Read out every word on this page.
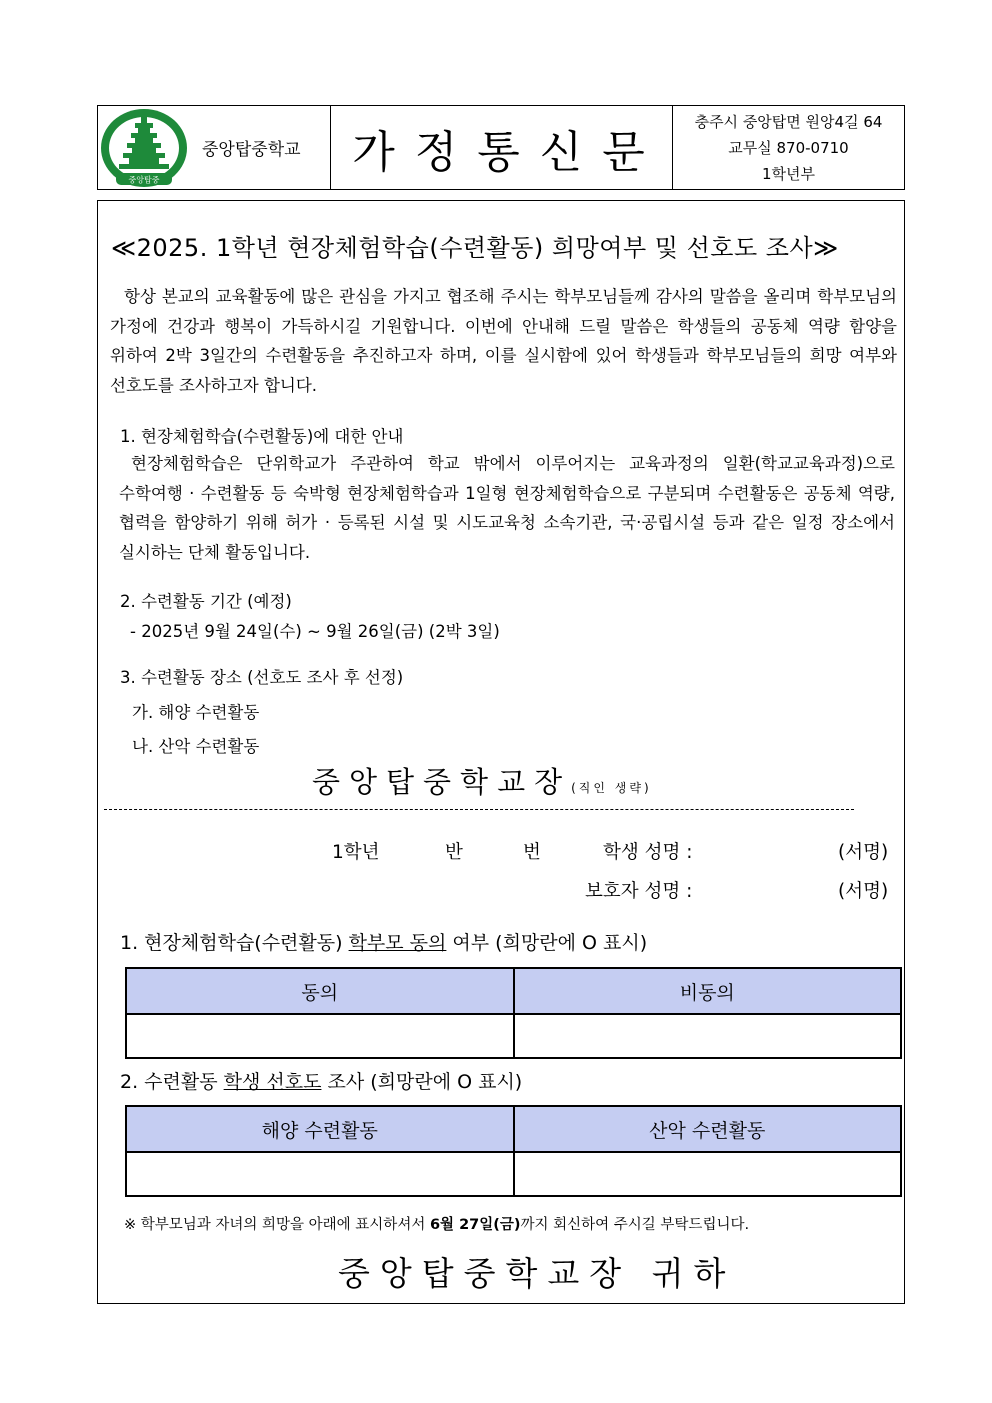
중앙탑중
중앙탑중학교	가정통신문
충주시 중앙탑면 원앙4길 64
교무실 870-0710
1학년부
≪2025. 1학년 현장체험학습(수련활동) 희망여부 및 선호도 조사≫
항상 본교의 교육활동에 많은 관심을 가지고 협조해 주시는 학부모님들께 감사의 말씀을 올리며 학부모님의 가정에 건강과 행복이 가득하시길 기원합니다. 이번에 안내해 드릴 말씀은 학생들의 공동체 역량 함양을 위하여 2박 3일간의 수련활동을 추진하고자 하며, 이를 실시함에 있어 학생들과 학부모님들의 희망 여부와 선호도를 조사하고자 합니다.
1. 현장체험학습(수련활동)에 대한 안내
현장체험학습은 단위학교가 주관하여 학교 밖에서 이루어지는 교육과정의 일환(학교교육과정)으로 수학여행 · 수련활동 등 숙박형 현장체험학습과 1일형 현장체험학습으로 구분되며 수련활동은 공동체 역량, 협력을 함양하기 위해 허가 · 등록된 시설 및 시도교육청 소속기관, 국·공립시설 등과 같은 일정 장소에서 실시하는 단체 활동입니다.
2. 수련활동 기간 (예정)
- 2025년 9월 24일(수) ~ 9월 26일(금) (2박 3일)
3. 수련활동 장소 (선호도 조사 후 선정)
가. 해양 수련활동
나. 산악 수련활동
중앙탑중학교장(직인 생략)
1학년	반	번	학생 성명 :	(서명)
보호자 성명 :	(서명)
1. 현장체험학습(수련활동) 학부모 동의 여부 (희망란에 O 표시)
동의	비동의

2. 수련활동 학생 선호도 조사 (희망란에 O 표시)
해양 수련활동	산악 수련활동

※ 학부모님과 자녀의 희망을 아래에 표시하셔서 6월 27일(금)까지 회신하여 주시길 부탁드립니다.
중앙탑중학교장 귀하
